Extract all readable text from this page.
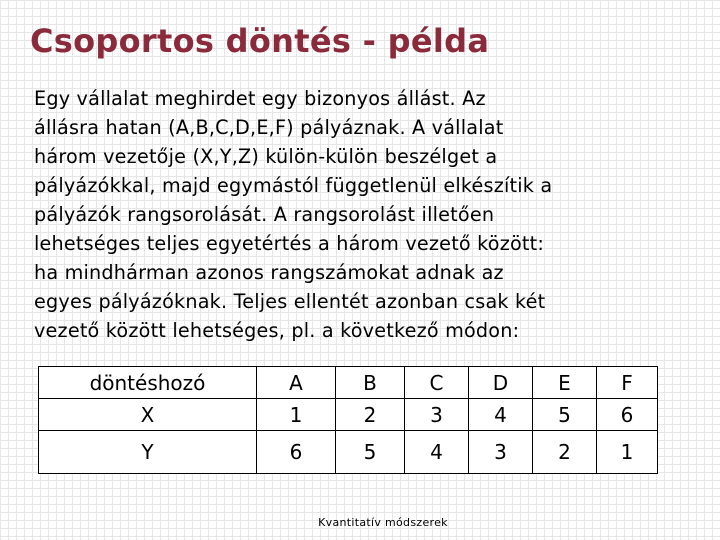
Csoportos döntés - példa
Egy vállalat meghirdet egy bizonyos állást. Az
állásra hatan (A,B,C,D,E,F) pályáznak. A vállalat
három vezetője (X,Y,Z) külön-külön beszélget a
pályázókkal, majd egymástól függetlenül elkészítik a
pályázók rangsorolását. A rangsorolást illetően
lehetséges teljes egyetértés a három vezető között:
ha mindhárman azonos rangszámokat adnak az
egyes pályázóknak. Teljes ellentét azonban csak két
vezető között lehetséges, pl. a következő módon:
döntéshozó	A	B	C	D	E	F
X	1	2	3	4	5	6
Y	6	5	4	3	2	1
Kvantitatív módszerek
